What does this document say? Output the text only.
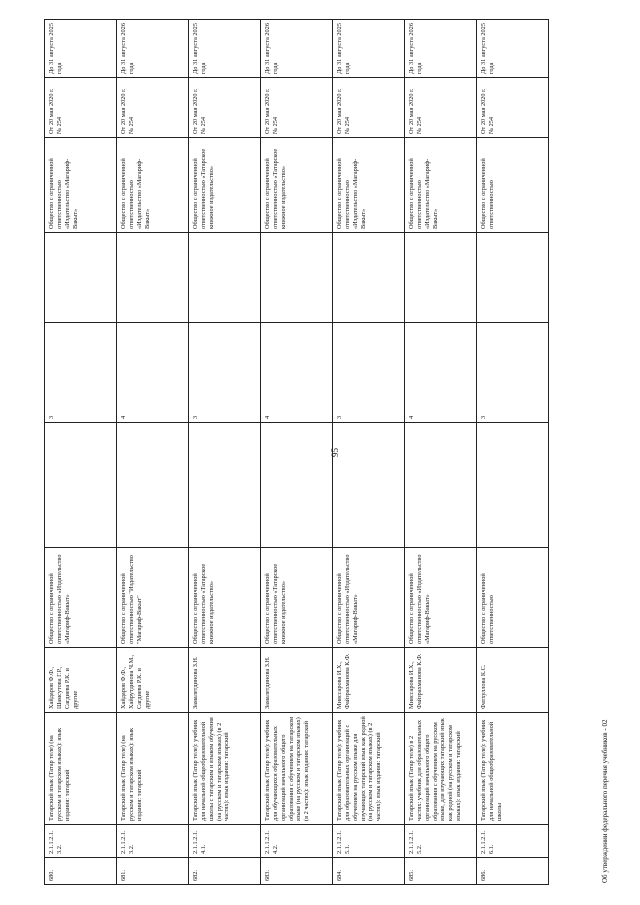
95
680.	2.1.1.2.1.3.2.	Татарский язык (Татар теле) (на русском и татарском языках): язык издания: татарский	Хайдаров Ф.Ф., Шамсутова Г.Р., Сагдиева Р.К. и другие	Общество с ограниченной ответственностью «Издательство «Магариф-Вакыт»		3		Общество с ограниченной ответственностью «Издательство «Магариф-Вакыт»	От 20 мая 2020 г. № 254	До 31 августа 2025 года
681.	2.1.1.2.1.3.2.	Татарский язык (Татар теле) (на русском и татарском языках): язык издания: татарский	Хайдаров Ф.Ф., Хайрутдинова Ч.М., Сагдиева Р.К. и другие	Общество с ограниченной ответственностью "Издательство "Магариф-Вакыт"		4		Общество с ограниченной ответственностью «Издательство «Магариф-Вакыт»	От 20 мая 2020 г. № 254	До 31 августа 2026 года
682.	2.1.1.2.1.4.1.	Татарский язык (Татар теле): учебник для начальной общеобразовательной школы с татарским и языком обучения (на русском и татарском языках) (в 2 частях): язык издания: татарский	Замалетдинова З.Н.	Общество с ограниченной ответственностью «Татарское книжное издательство»		3		Общество с ограниченной ответственностью «Татарское книжное издательство»	От 20 мая 2020 г. № 254	До 31 августа 2025 года
683.	2.1.1.2.1.4.2.	Татарский язык (Татар теле): учебник для обучающихся образовательных организаций начального общего образования с обучением на татарском языке (на русском и татарском языках) (в 2 частях): язык издания: татарский	Замалетдинова З.Н.	Общество с ограниченной ответственностью «Татарское книжное издательство»		4		Общество с ограниченной ответственностью «Татарское книжное издательство»	От 20 мая 2020 г. № 254	До 31 августа 2026 года
684.	2.1.1.2.1.5.1.	Татарский язык (Татар теле): учебник для образовательных организаций с обучением на русском языке для изучающих татарский язык как родной (на русском и татарском языках) (в 2 частях): язык издания: татарский	Мияссарова И.Х., Файзрахманова К.Ф.	Общество с ограниченной ответственностью «Издательство «Магариф-Вакыт»		3		Общество с ограниченной ответственностью «Издательство «Магариф-Вакыт»	От 20 мая 2020 г. № 254	До 31 августа 2025 года
685.	2.1.1.2.1.5.2.	Татарский язык (Татар теле) в 2 частях: учебник для образовательных организаций начального общего образования с обучением на русском языке, для изучающих татарский язык как родной (на русском и татарском языках): язык издания: татарский	Мияссарова И.Х., Файзрахманова К.Ф.	Общество с ограниченной ответственностью «Издательство «Магариф-Вакыт»		4		Общество с ограниченной ответственностью «Издательство «Магариф-Вакыт»	От 20 мая 2020 г. № 254	До 31 августа 2026 года
686.	2.1.1.2.1.6.1.	Татарский язык (Татар теле): учебник для начальной общеобразовательной школы	Фатхуллова К.С.	Общество с ограниченной ответственностью		3		Общество с ограниченной ответственностью	От 20 мая 2020 г. № 254	До 31 августа 2025 года
Об утверждении федерального перечня учебников - 02
